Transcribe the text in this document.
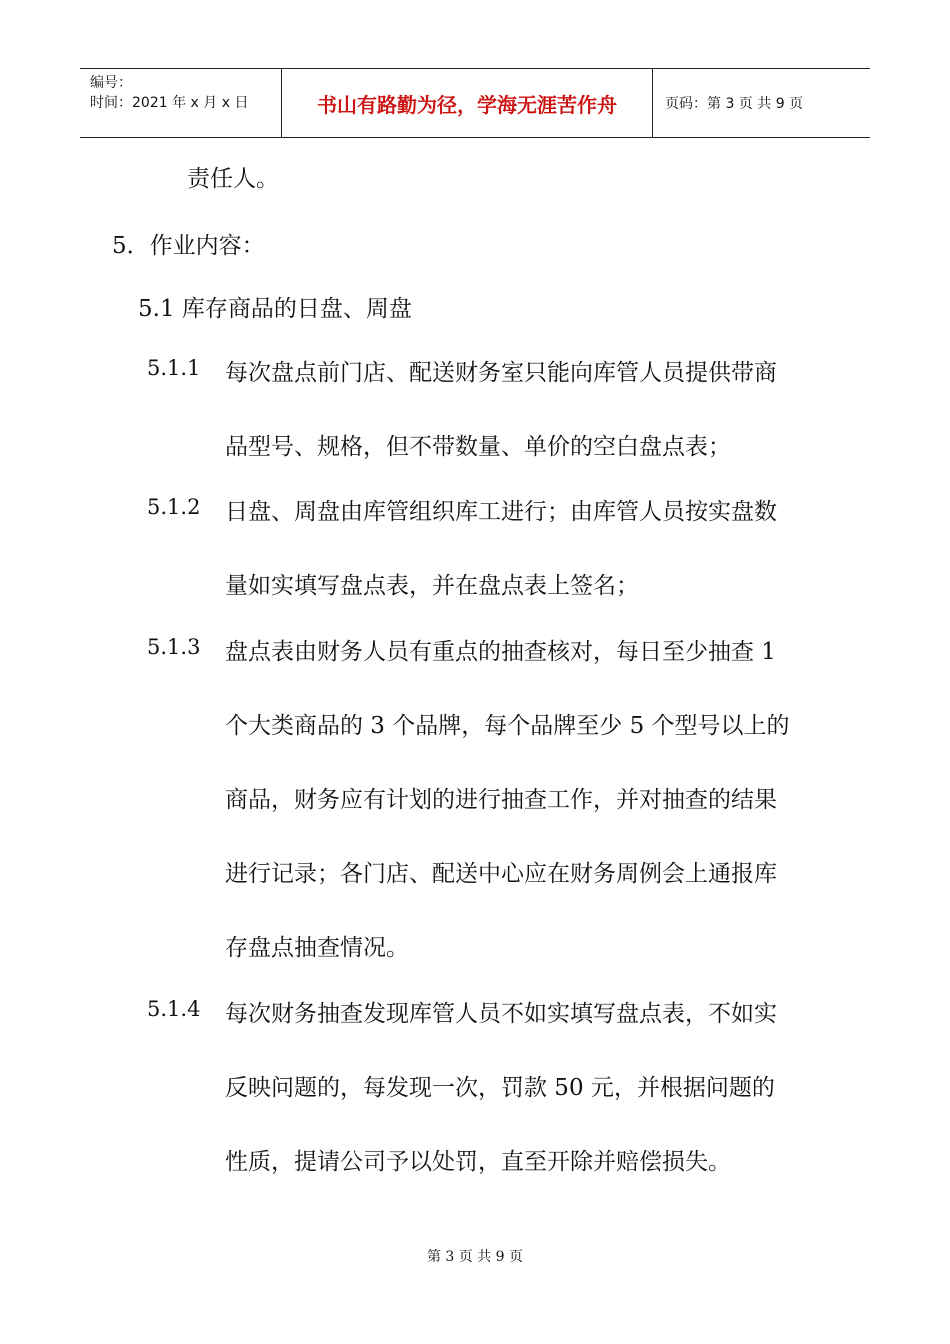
编号：
时间：2021 年 x 月 x 日	书山有路勤为径，学海无涯苦作舟	页码：第 3 页 共 9 页
责任人。
5．作业内容：
5.1 库存商品的日盘、周盘
5.1.1 每次盘点前门店、配送财务室只能向库管人员提供带商
品型号、规格，但不带数量、单价的空白盘点表；
5.1.2 日盘、周盘由库管组织库工进行；由库管人员按实盘数
量如实填写盘点表，并在盘点表上签名；
5.1.3 盘点表由财务人员有重点的抽查核对，每日至少抽查 1
个大类商品的 3 个品牌，每个品牌至少 5 个型号以上的
商品，财务应有计划的进行抽查工作，并对抽查的结果
进行记录；各门店、配送中心应在财务周例会上通报库
存盘点抽查情况。
5.1.4 每次财务抽查发现库管人员不如实填写盘点表，不如实
反映问题的，每发现一次，罚款 50 元，并根据问题的
性质，提请公司予以处罚，直至开除并赔偿损失。
第 3 页 共 9 页
